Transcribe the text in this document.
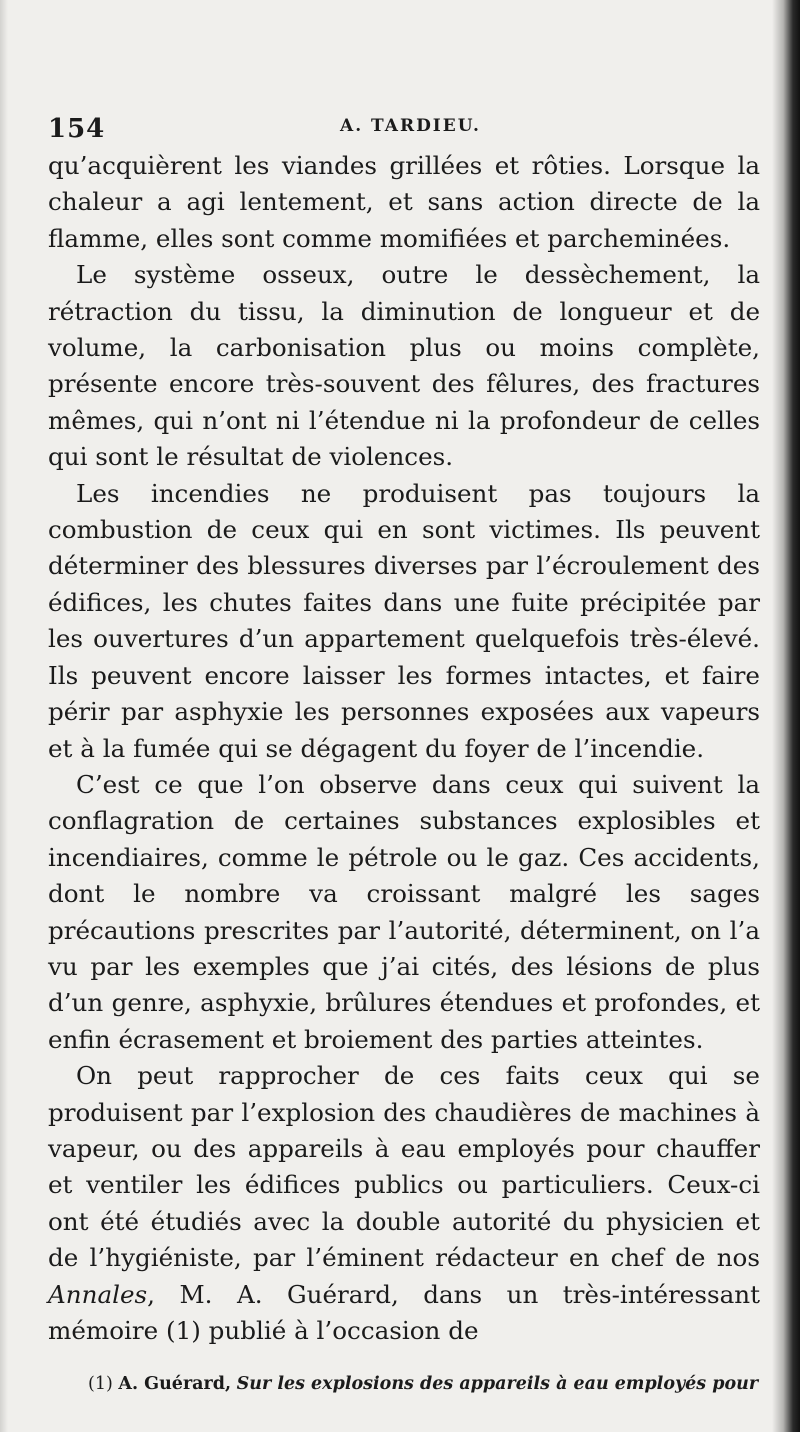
154	A. TARDIEU.

qu’acquièrent les viandes grillées et rôties. Lorsque la chaleur a agi lentement, et sans action directe de la flamme, elles sont comme momifiées et parcheminées.

Le système osseux, outre le dessèchement, la rétraction du tissu, la diminution de longueur et de volume, la carbonisation plus ou moins complète, présente encore très-souvent des fêlures, des fractures mêmes, qui n’ont ni l’étendue ni la profondeur de celles qui sont le résultat de violences.

Les incendies ne produisent pas toujours la combustion de ceux qui en sont victimes. Ils peuvent déterminer des blessures diverses par l’écroulement des édifices, les chutes faites dans une fuite précipitée par les ouvertures d’un appartement quelquefois très-élevé. Ils peuvent encore laisser les formes intactes, et faire périr par asphyxie les personnes exposées aux vapeurs et à la fumée qui se dégagent du foyer de l’incendie.

C’est ce que l’on observe dans ceux qui suivent la conflagration de certaines substances explosibles et incendiaires, comme le pétrole ou le gaz. Ces accidents, dont le nombre va croissant malgré les sages précautions prescrites par l’autorité, déterminent, on l’a vu par les exemples que j’ai cités, des lésions de plus d’un genre, asphyxie, brûlures étendues et profondes, et enfin écrasement et broiement des parties atteintes.

On peut rapprocher de ces faits ceux qui se produisent par l’explosion des chaudières de machines à vapeur, ou des appareils à eau employés pour chauffer et ventiler les édifices publics ou particuliers. Ceux-ci ont été étudiés avec la double autorité du physicien et de l’hygiéniste, par l’éminent rédacteur en chef de nos Annales, M. A. Guérard, dans un très-intéressant mémoire (1) publié à l’occasion de

(1) A. Guérard, Sur les explosions des appareils à eau employés pour
